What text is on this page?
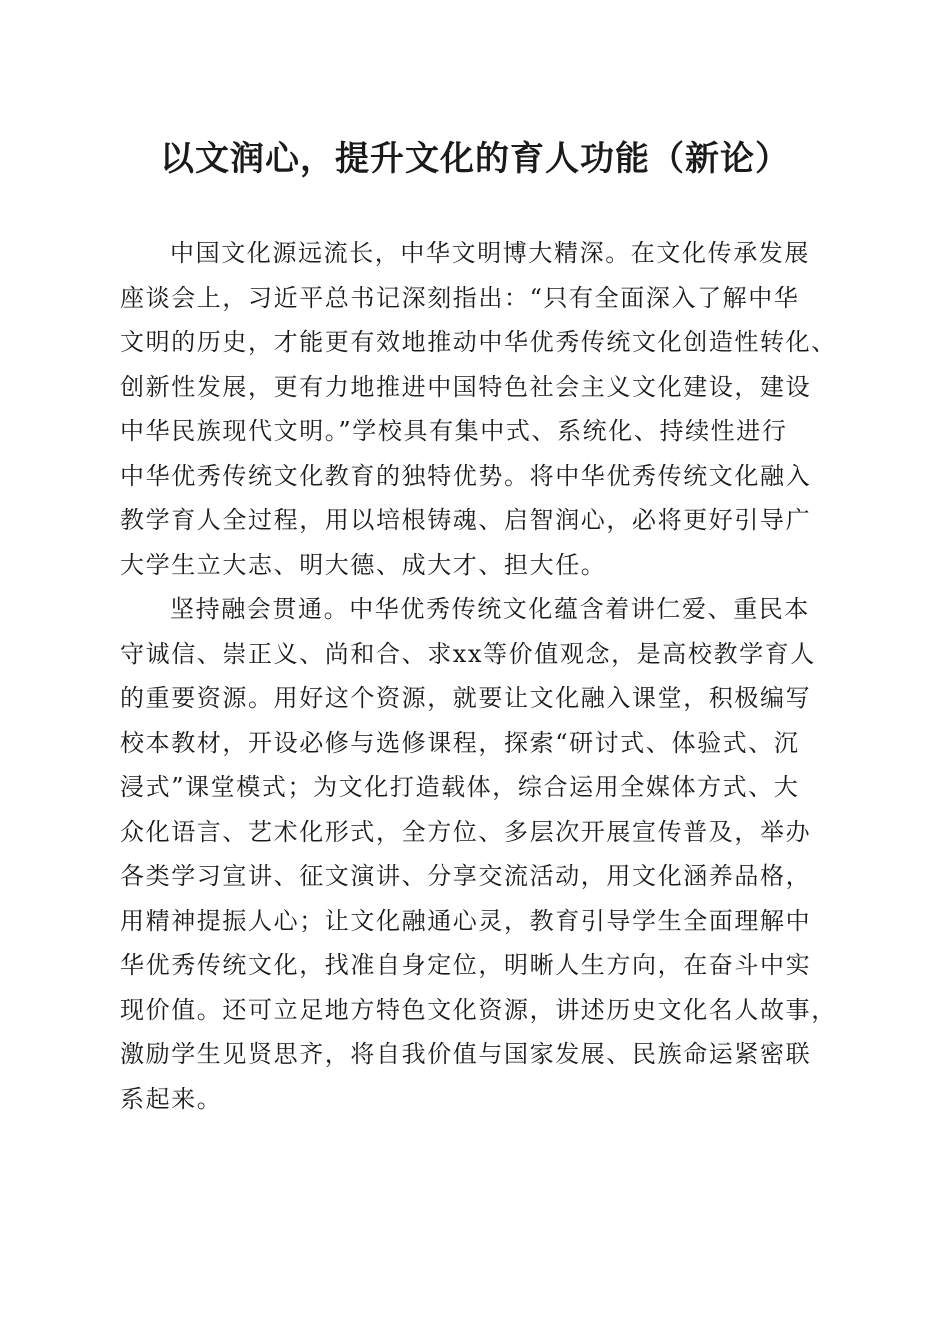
以文润心，提升文化的育人功能（新论）
中国文化源远流长，中华文明博大精深。在文化传承发展
座谈会上，习近平总书记深刻指出：“只有全面深入了解中华
文明的历史，才能更有效地推动中华优秀传统文化创造性转化、
创新性发展，更有力地推进中国特色社会主义文化建设，建设
中华民族现代文明。”学校具有集中式、系统化、持续性进行
中华优秀传统文化教育的独特优势。将中华优秀传统文化融入
教学育人全过程，用以培根铸魂、启智润心，必将更好引导广
大学生立大志、明大德、成大才、担大任。
坚持融会贯通。中华优秀传统文化蕴含着讲仁爱、重民本
守诚信、崇正义、尚和合、求xx等价值观念，是高校教学育人
的重要资源。用好这个资源，就要让文化融入课堂，积极编写
校本教材，开设必修与选修课程，探索“研讨式、体验式、沉
浸式”课堂模式；为文化打造载体，综合运用全媒体方式、大
众化语言、艺术化形式，全方位、多层次开展宣传普及，举办
各类学习宣讲、征文演讲、分享交流活动，用文化涵养品格，
用精神提振人心；让文化融通心灵，教育引导学生全面理解中
华优秀传统文化，找准自身定位，明晰人生方向，在奋斗中实
现价值。还可立足地方特色文化资源，讲述历史文化名人故事，
激励学生见贤思齐，将自我价值与国家发展、民族命运紧密联
系起来。
